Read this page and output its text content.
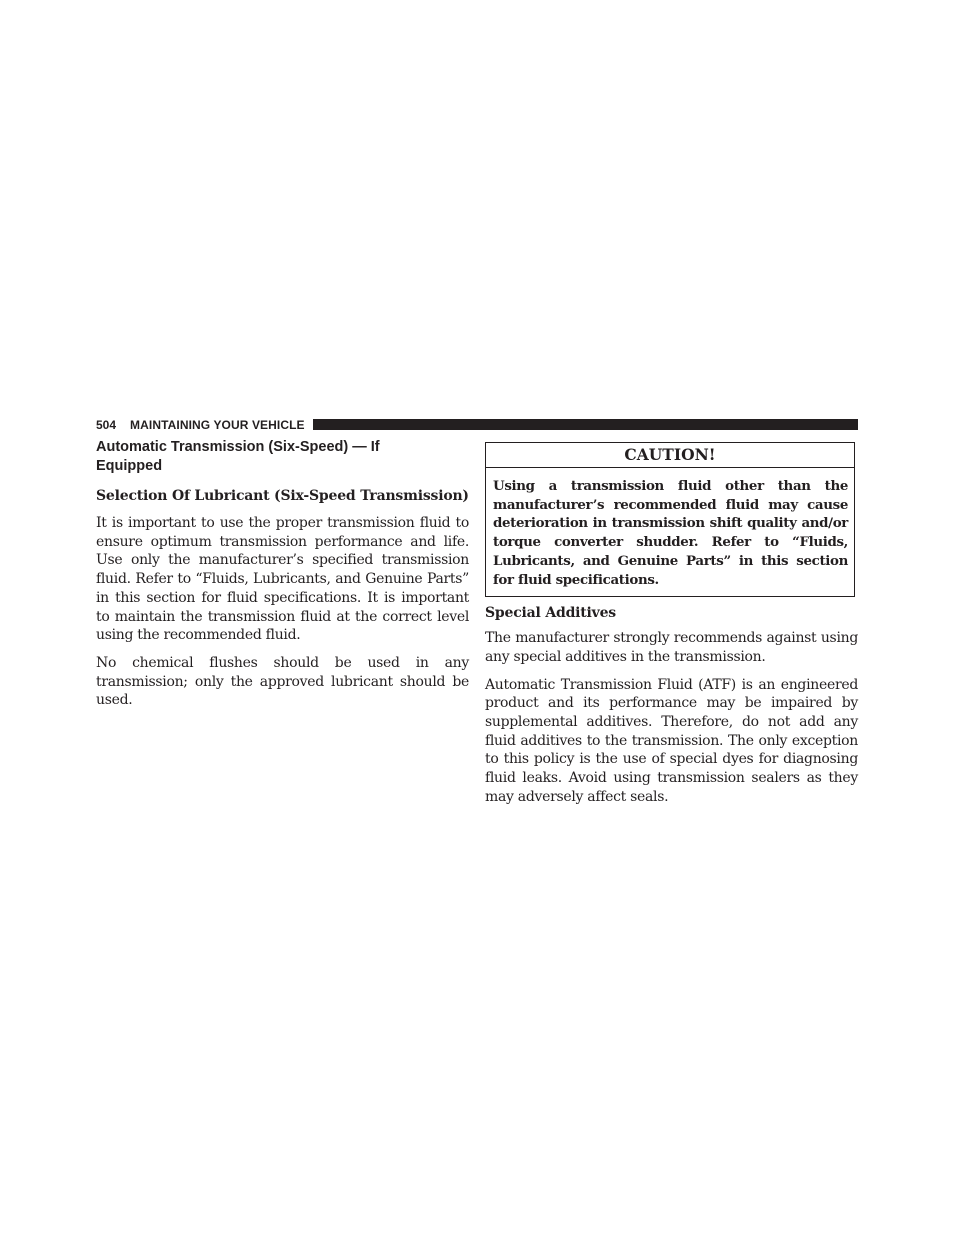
504 MAINTAINING YOUR VEHICLE
Automatic Transmission (Six-Speed) — If Equipped
Selection Of Lubricant (Six-Speed Transmission)

It is important to use the proper transmission fluid to ensure optimum transmission performance and life. Use only the manufacturer’s specified transmission fluid. Refer to “Fluids, Lubricants, and Genuine Parts” in this section for fluid specifications. It is important to maintain the transmission fluid at the correct level using the recommended fluid.

No chemical flushes should be used in any transmission; only the approved lubricant should be used.

CAUTION!
Using a transmission fluid other than the manufacturer’s recommended fluid may cause deterioration in transmission shift quality and/or torque converter shudder. Refer to “Fluids, Lubricants, and Genuine Parts” in this section for fluid specifications.
Special Additives

The manufacturer strongly recommends against using any special additives in the transmission.

Automatic Transmission Fluid (ATF) is an engineered product and its performance may be impaired by supplemental additives. Therefore, do not add any fluid additives to the transmission. The only exception to this policy is the use of special dyes for diagnosing fluid leaks. Avoid using transmission sealers as they may adversely affect seals.
